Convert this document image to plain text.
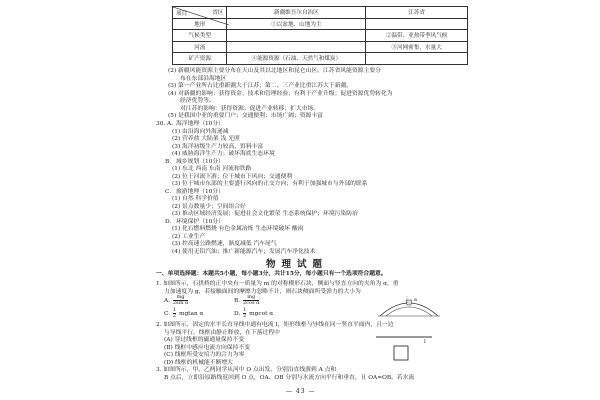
省区
项目	新疆维吾尔自治区	江苏省
地形	①以盆地、山地为主	
气候类型		②温带、亚热带季风气候
河流		③河网密集，水量大
矿产资源	④能源资源（石油、天然气和煤炭）	
(2) 新疆风能资源主要分布在天山及其以北地区和昆仑山区。江苏省风能资源主要分
布在东部沿海地区
(3) 第一产业所占比重新疆大于江苏；第二、三产业比重江苏大于新疆。
(4) 对新疆的影响：获得资金、技术和管理经验；有利于产业升级；促进资源优势转化为
经济优势等。
对江苏的影响：获得资源；促进产业转移；扩大市场。
(5) 是我国中亚的重要门户；交通便利；市场广阔；资源丰富
30. A．
海洋地理（10分）
(1) 由沿海向外海递减
(2) 营养盐 大陆架 浅 光照
(3) 海洋初级生产力较高，饵料丰富
(4) 威胁海洋生产力；破坏海底生态环境
B． 城乡规划（10分）
(1) 东北 西南 东南 河流和铁路
(2) 位于河流下游；位于城市下风向；交通便利
(3) 位于城市东部的主要盛行风向的正交方向；有利于加强城市与外部的联系
C． 旅游地理（10分）
(1) 自然 科学价值
(2) 景点数量少；空间组合好
(3) 推动区域经济发展；促进社会文化繁荣 生态系统保护；环境污染防治
D． 环境保护（10分）
(1) 化石燃料燃烧 有色金属冶炼 生态环境破坏 酸雨
(2) 工业生产
(3) 控高速公路燃速，渐度减低 汽车尾气
(4) 使用无铅汽油；推广新能源汽车；发展汽车净化技术
物理试题
一、单项选择题：本题共5小题，每小题3分，共计15分，每小题只有一个选项符合题意。
1. 如图所示，石拱桥的正中央有一质量为 m 的对称楔形石块，侧面与竖直方向的夹角为 α，重
力加速度为 g，若接触面间的摩擦力忽略不计，则石块侧面所受弹力的大小为
A. $\frac{mg}{\text{2sin α}}$	B. $\frac{mg}{\text{2cos α}}$
C. $\frac{1}{2}$ mgtan α	D. $\frac{1}{2}$ mgcot α
α
2. 如图所示，固定的水平长直导线中通有电流 I，矩形线框与导线在同一竖直平面内，且一边
与导线平行，线框由静止释放，在下落过程中
(A) 穿过线框的磁通量保持不变
(B) 线框中感应电流方向保持不变
(C) 线框所受安培力的合力为零
(D) 线框的机械能不断增大
I
3. 如图所示，甲、乙两同学从河中 O 点出发，分别沿直线游到 A 点和
B 点后，立即沿原路线返回到 O 点，OA、OB 分别与水流方向平行和垂直，且 OA=OB。若水流
— 43 —
